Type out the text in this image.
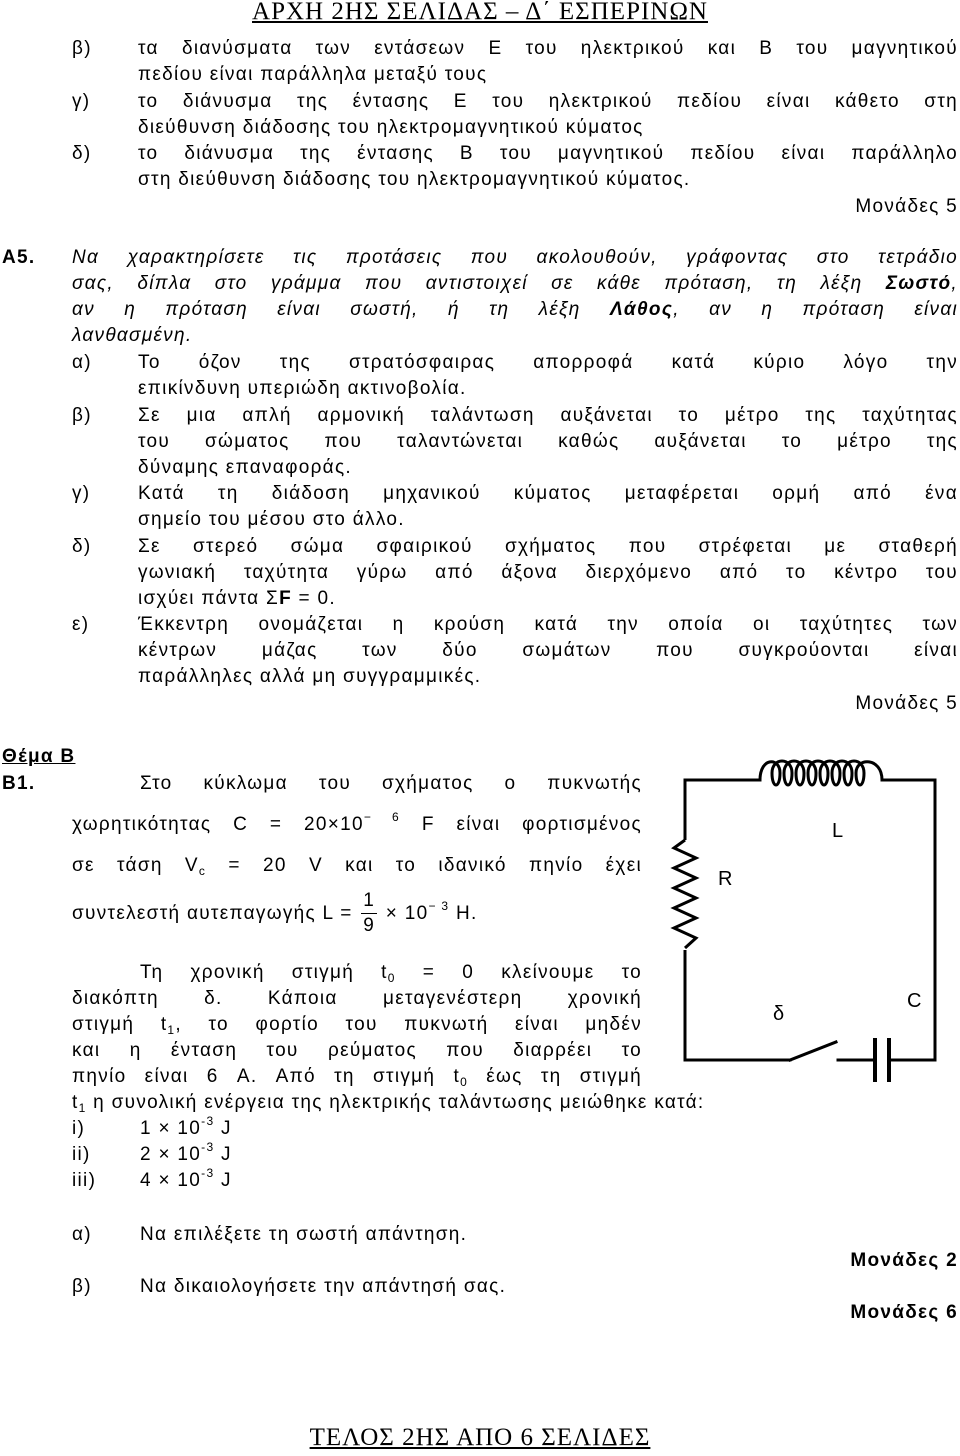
ΑΡΧΗ 2ΗΣ ΣΕΛΙΔΑΣ – Δ΄ ΕΣΠΕΡΙΝΩΝ
β) τα διανύσματα των εντάσεων Ε του ηλεκτρικού και Β του μαγνητικού
πεδίου είναι παράλληλα μεταξύ τους
γ)	το διάνυσμα της έντασης Ε του ηλεκτρικού πεδίου είναι κάθετο στη
διεύθυνση διάδοσης του ηλεκτρομαγνητικού κύματος
δ) το διάνυσμα της έντασης Β του μαγνητικού πεδίου είναι παράλληλο
στη διεύθυνση διάδοσης του ηλεκτρομαγνητικού κύματος.
Μονάδες 5
Α5. Να χαρακτηρίσετε τις προτάσεις που ακολουθούν, γράφοντας στο τετράδιο
σας, δίπλα στο γράμμα που αντιστοιχεί σε κάθε πρόταση, τη λέξη Σωστό,
αν η πρόταση είναι σωστή, ή τη λέξη Λάθος, αν η πρόταση είναι
λανθασμένη.
α) Το όζον της στρατόσφαιρας απορροφά κατά κύριο λόγο την
επικίνδυνη υπεριώδη ακτινοβολία.
β) Σε μια απλή αρμονική ταλάντωση αυξάνεται το μέτρο της ταχύτητας
του σώματος που ταλαντώνεται καθώς αυξάνεται το μέτρο της
δύναμης επαναφοράς.
γ)	Κατά τη διάδοση μηχανικού κύματος μεταφέρεται ορμή από ένα
σημείο του μέσου στο άλλο.
δ) Σε στερεό σώμα σφαιρικού σχήματος που στρέφεται με σταθερή
γωνιακή ταχύτητα γύρω από άξονα διερχόμενο από το κέντρο του
ισχύει πάντα ΣF = 0.
ε)	Έκκεντρη ονομάζεται η κρούση κατά την οποία οι ταχύτητες των
κέντρων μάζας των δύο σωμάτων που συγκρούονται είναι
παράλληλες αλλά μη συγγραμμικές.
Μονάδες 5
Θέμα Β
Β1.	Στο κύκλωμα του σχήματος ο πυκνωτής
χωρητικότητας $C = 20\times 10^{- 6}$ F είναι φορτισμένος
σε τάση $V_c = 20$ V και το ιδανικό πηνίο έχει
συντελεστή αυτεπαγωγής $L = \frac{1}{9} \times 10^{- 3}$ H.
Τη χρονική στιγμή $t_0 = 0$ κλείνουμε το
διακόπτη δ. Κάποια μεταγενέστερη χρονική
στιγμή $t_1$, το φορτίο του πυκνωτή είναι μηδέν
και η ένταση του ρεύματος που διαρρέει το
πηνίο είναι 6 A. Από τη στιγμή $t_0$ έως τη στιγμή
$t_1$ η συνολική ενέργεια της ηλεκτρικής ταλάντωσης μειώθηκε κατά:
i)	$1 \times 10^{-3}$ J
ii)	$2 \times 10^{-3}$ J
iii) $4 \times 10^{-3}$ J
α)	Να επιλέξετε τη σωστή απάντηση.
Μονάδες 2
β)	Να δικαιολογήσετε την απάντησή σας.
Μονάδες 6
L
R
δ
C
ΤΕΛΟΣ 2ΗΣ ΑΠΟ 6 ΣΕΛΙΔΕΣ
